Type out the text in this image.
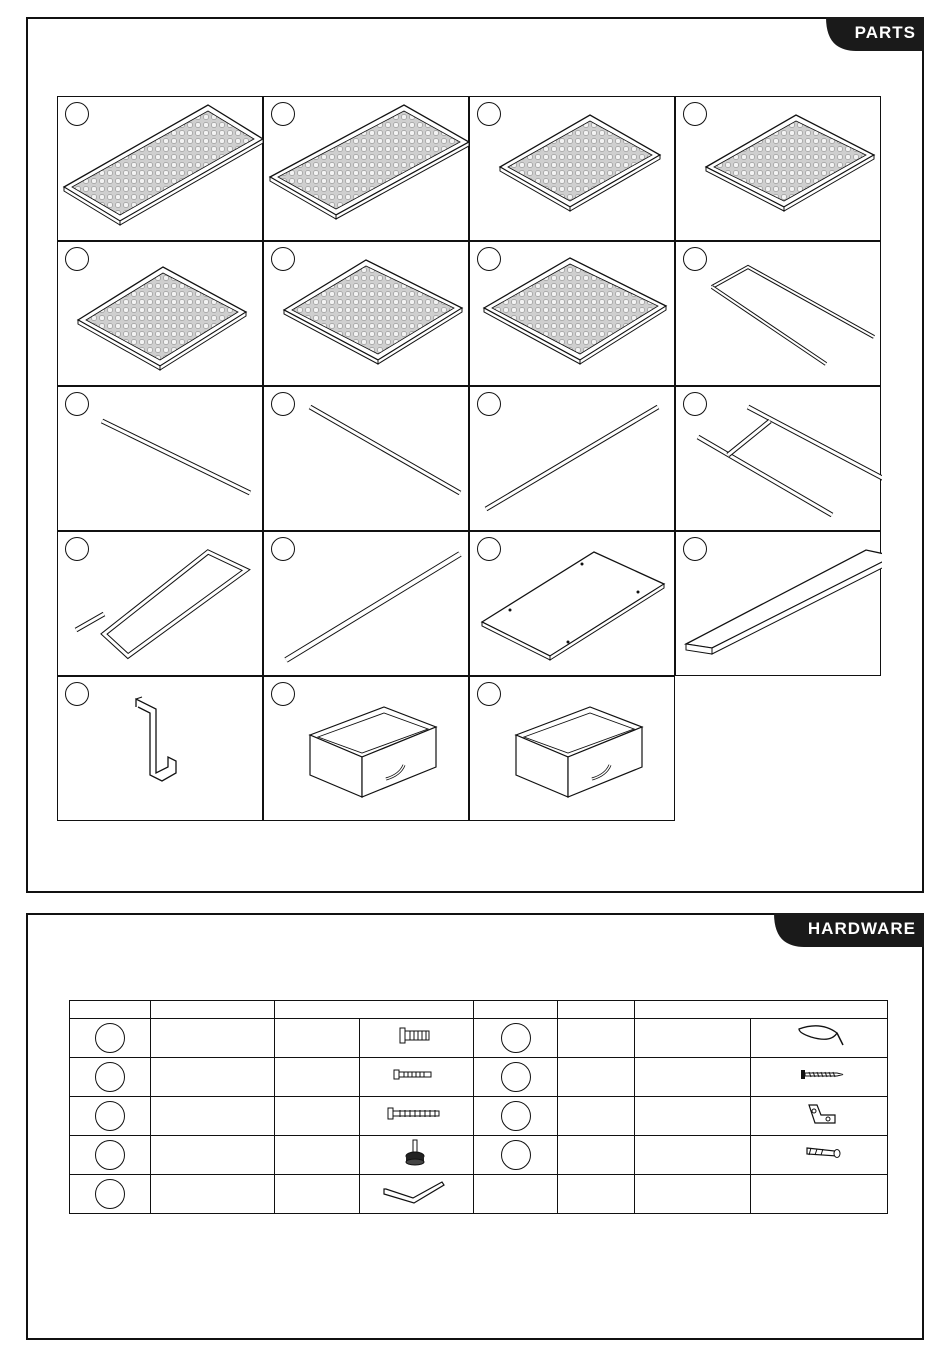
PARTS
HARDWARE
